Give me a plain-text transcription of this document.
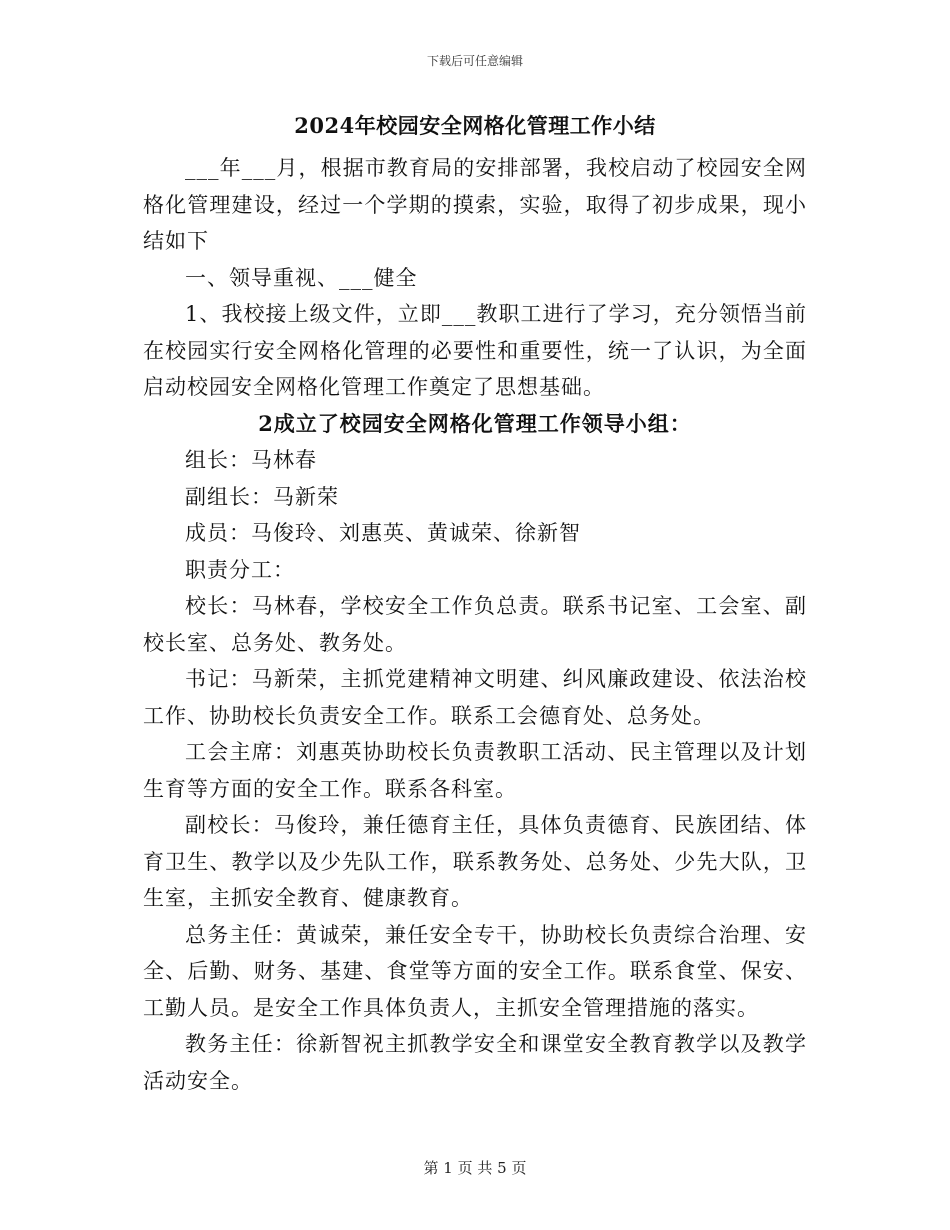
下载后可任意编辑
2024年校园安全网格化管理工作小结

___年___月，根据市教育局的安排部署，我校启动了校园安全网格化管理建设，经过一个学期的摸索，实验，取得了初步成果，现小结如下

一、领导重视、___健全

1、我校接上级文件，立即___教职工进行了学习，充分领悟当前在校园实行安全网格化管理的必要性和重要性，统一了认识，为全面启动校园安全网格化管理工作奠定了思想基础。

2成立了校园安全网格化管理工作领导小组：

组长：马林春

副组长：马新荣

成员：马俊玲、刘惠英、黄诚荣、徐新智

职责分工：

校长：马林春，学校安全工作负总责。联系书记室、工会室、副校长室、总务处、教务处。

书记：马新荣，主抓党建精神文明建、纠风廉政建设、依法治校工作、协助校长负责安全工作。联系工会德育处、总务处。

工会主席：刘惠英协助校长负责教职工活动、民主管理以及计划生育等方面的安全工作。联系各科室。

副校长：马俊玲，兼任德育主任，具体负责德育、民族团结、体育卫生、教学以及少先队工作，联系教务处、总务处、少先大队，卫生室，主抓安全教育、健康教育。

总务主任：黄诚荣，兼任安全专干，协助校长负责综合治理、安全、后勤、财务、基建、食堂等方面的安全工作。联系食堂、保安、工勤人员。是安全工作具体负责人，主抓安全管理措施的落实。

教务主任：徐新智祝主抓教学安全和课堂安全教育教学以及教学活动安全。

第 1 页 共 5 页
